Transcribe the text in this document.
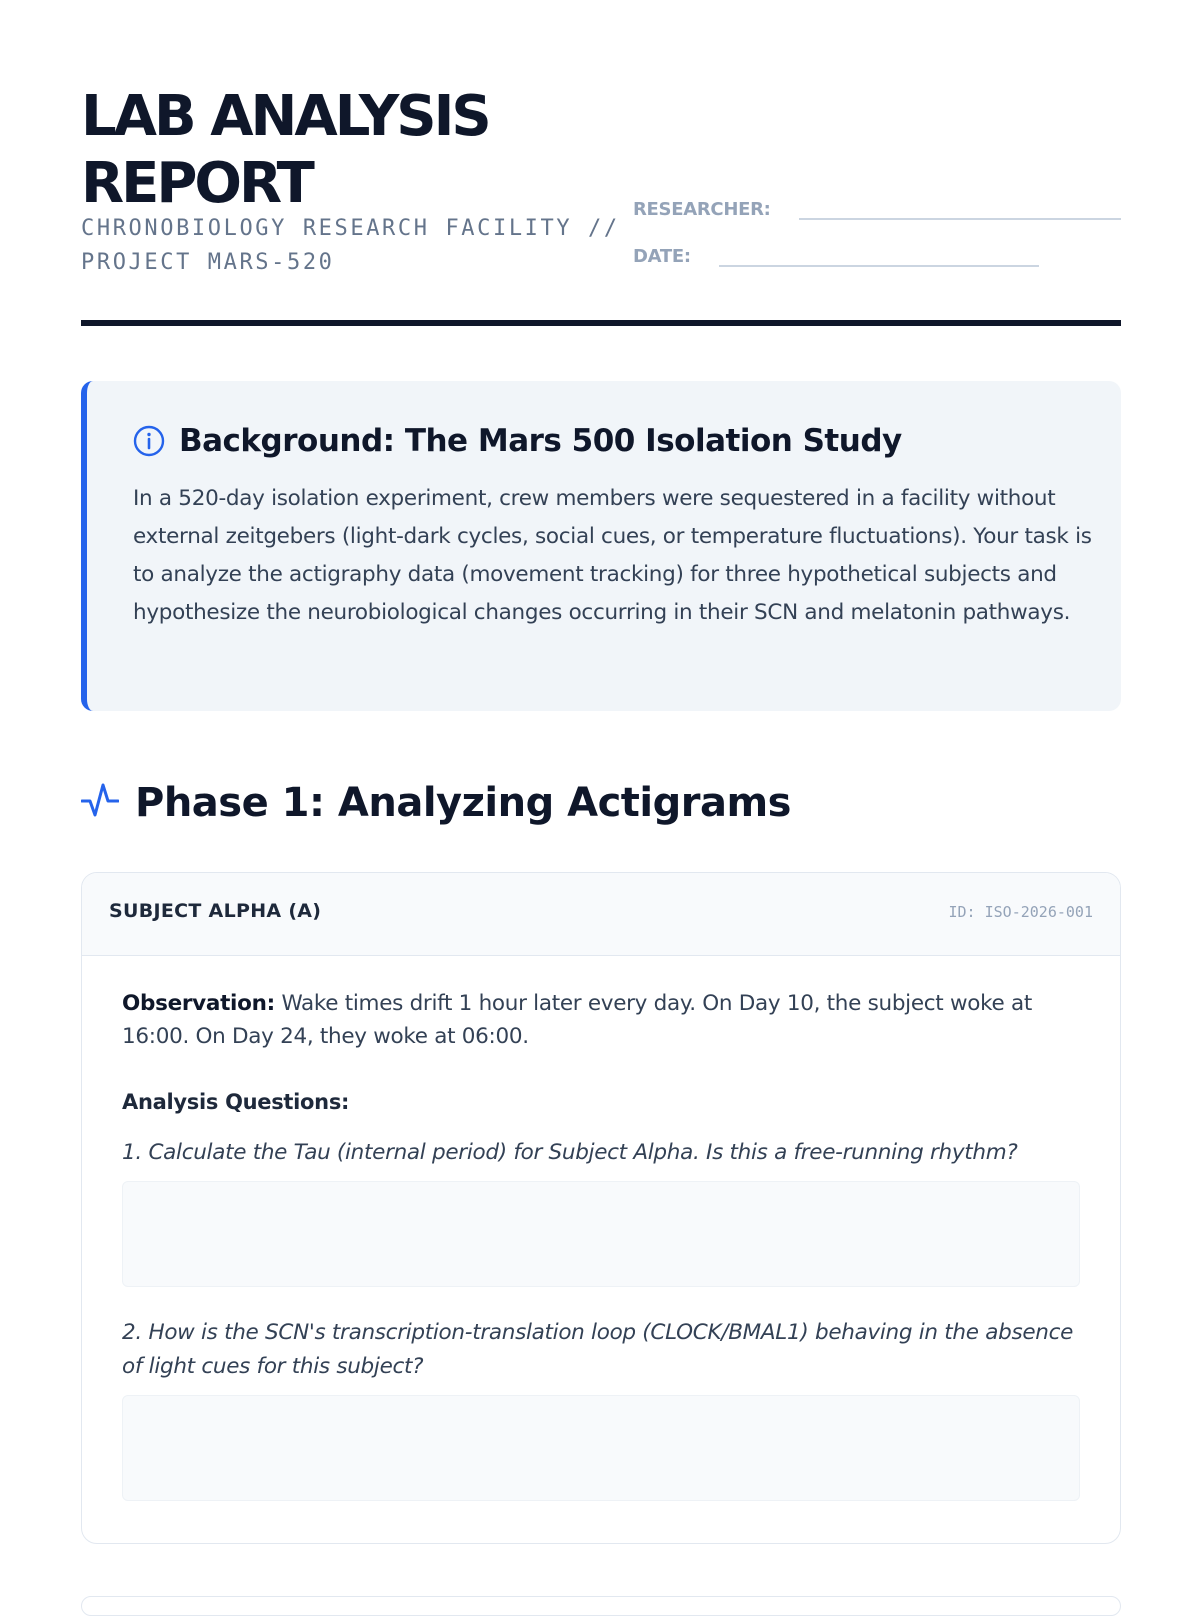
LAB ANALYSIS REPORT
CHRONOBIOLOGY RESEARCH FACILITY // PROJECT MARS-520
RESEARCHER:
DATE:
Background: The Mars 500 Isolation Study

In a 520-day isolation experiment, crew members were sequestered in a facility without external zeitgebers (light-dark cycles, social cues, or temperature fluctuations). Your task is to analyze the actigraphy data (movement tracking) for three hypothetical subjects and hypothesize the neurobiological changes occurring in their SCN and melatonin pathways.

Phase 1: Analyzing Actigrams
SUBJECT ALPHA (A)	ID: ISO-2026-001

Observation: Wake times drift 1 hour later every day. On Day 10, the subject woke at 16:00. On Day 24, they woke at 06:00.

Analysis Questions:
1. Calculate the Tau (internal period) for Subject Alpha. Is this a free-running rhythm?
2. How is the SCN's transcription-translation loop (CLOCK/BMAL1) behaving in the absence of light cues for this subject?
